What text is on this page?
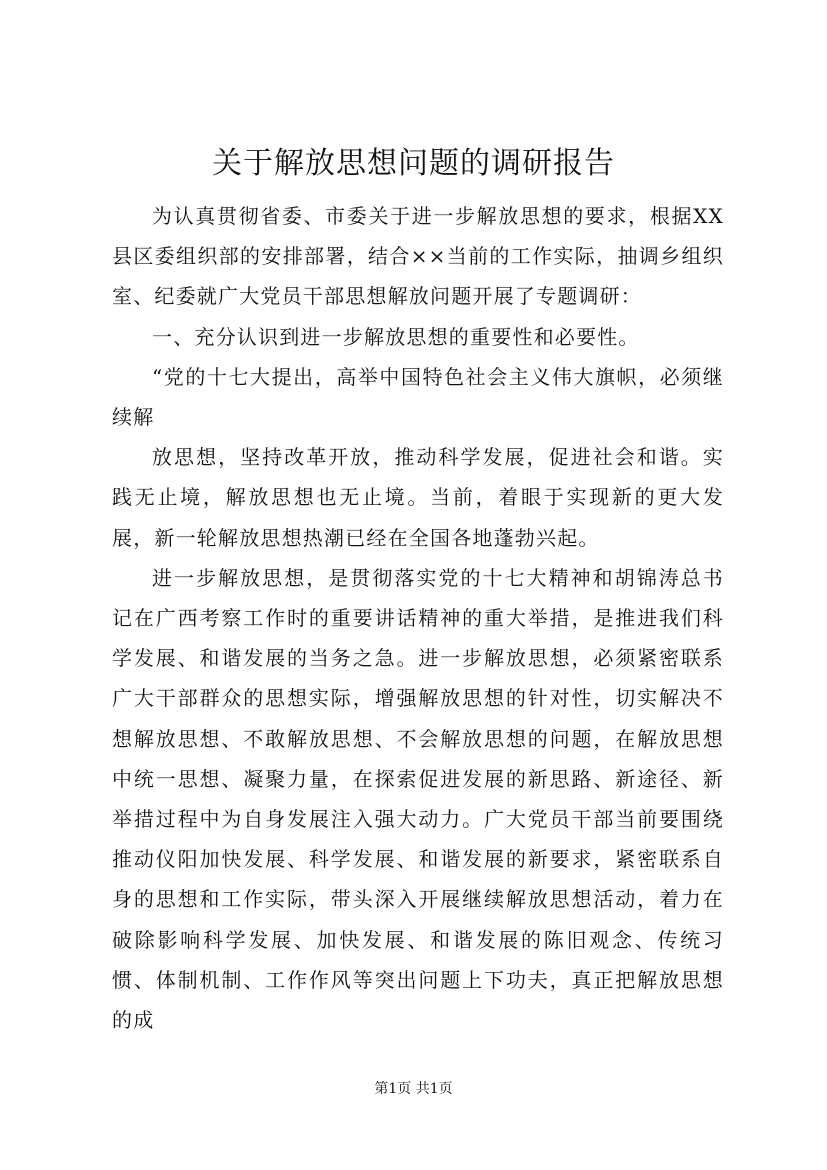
关于解放思想问题的调研报告

为认真贯彻省委、市委关于进一步解放思想的要求，根据XX县区委组织部的安排部署，结合××当前的工作实际，抽调乡组织室、纪委就广大党员干部思想解放问题开展了专题调研：

一、充分认识到进一步解放思想的重要性和必要性。

“党的十七大提出，高举中国特色社会主义伟大旗帜，必须继续解

放思想，坚持改革开放，推动科学发展，促进社会和谐。实践无止境，解放思想也无止境。当前，着眼于实现新的更大发展，新一轮解放思想热潮已经在全国各地蓬勃兴起。

进一步解放思想，是贯彻落实党的十七大精神和胡锦涛总书记在广西考察工作时的重要讲话精神的重大举措，是推进我们科学发展、和谐发展的当务之急。进一步解放思想，必须紧密联系广大干部群众的思想实际，增强解放思想的针对性，切实解决不想解放思想、不敢解放思想、不会解放思想的问题，在解放思想中统一思想、凝聚力量，在探索促进发展的新思路、新途径、新举措过程中为自身发展注入强大动力。广大党员干部当前要围绕推动仪阳加快发展、科学发展、和谐发展的新要求，紧密联系自身的思想和工作实际，带头深入开展继续解放思想活动，着力在破除影响科学发展、加快发展、和谐发展的陈旧观念、传统习惯、体制机制、工作作风等突出问题上下功夫，真正把解放思想的成

第1页 共1页
